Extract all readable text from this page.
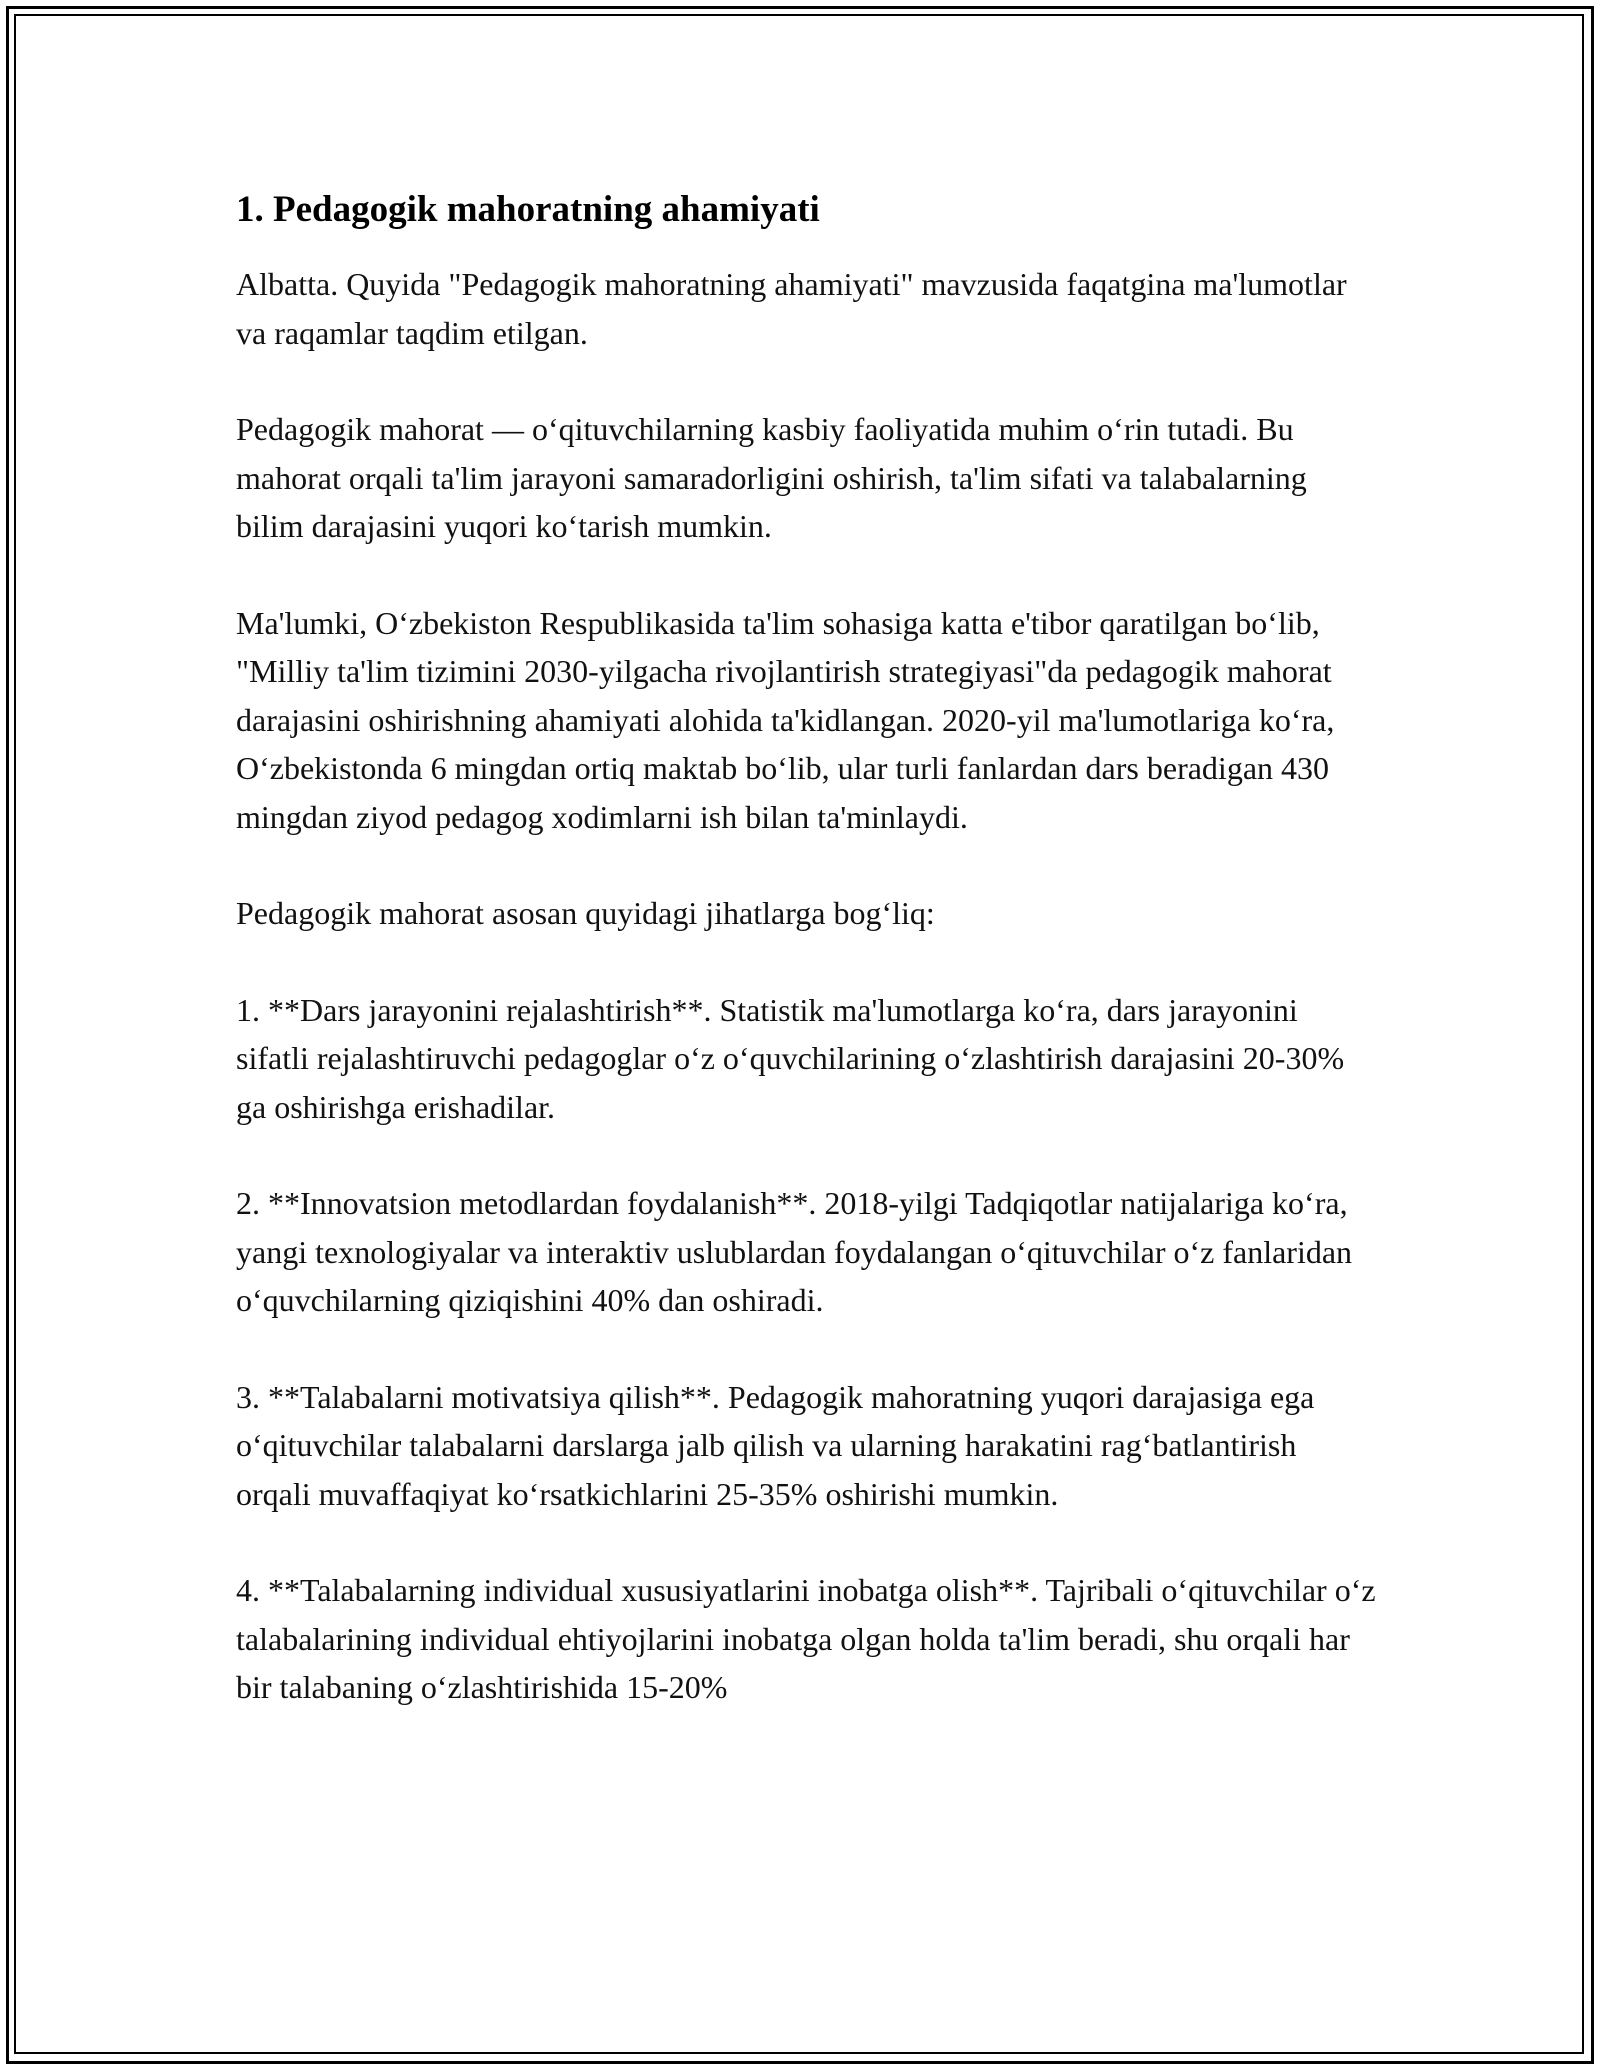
1. Pedagogik mahoratning ahamiyati

Albatta. Quyida "Pedagogik mahoratning ahamiyati" mavzusida faqatgina ma'lumotlar va raqamlar taqdim etilgan.

Pedagogik mahorat — o‘qituvchilarning kasbiy faoliyatida muhim o‘rin tutadi. Bu mahorat orqali ta'lim jarayoni samaradorligini oshirish, ta'lim sifati va talabalarning bilim darajasini yuqori ko‘tarish mumkin.

Ma'lumki, O‘zbekiston Respublikasida ta'lim sohasiga katta e'tibor qaratilgan bo‘lib, "Milliy ta'lim tizimini 2030-yilgacha rivojlantirish strategiyasi"da pedagogik mahorat darajasini oshirishning ahamiyati alohida ta'kidlangan. 2020-yil ma'lumotlariga ko‘ra, O‘zbekistonda 6 mingdan ortiq maktab bo‘lib, ular turli fanlardan dars beradigan 430 mingdan ziyod pedagog xodimlarni ish bilan ta'minlaydi.

Pedagogik mahorat asosan quyidagi jihatlarga bog‘liq:

1. **Dars jarayonini rejalashtirish**. Statistik ma'lumotlarga ko‘ra, dars jarayonini sifatli rejalashtiruvchi pedagoglar o‘z o‘quvchilarining o‘zlashtirish darajasini 20-30% ga oshirishga erishadilar.

2. **Innovatsion metodlardan foydalanish**. 2018-yilgi Tadqiqotlar natijalariga ko‘ra, yangi texnologiyalar va interaktiv uslublardan foydalangan o‘qituvchilar o‘z fanlaridan o‘quvchilarning qiziqishini 40% dan oshiradi.

3. **Talabalarni motivatsiya qilish**. Pedagogik mahoratning yuqori darajasiga ega o‘qituvchilar talabalarni darslarga jalb qilish va ularning harakatini rag‘batlantirish orqali muvaffaqiyat ko‘rsatkichlarini 25-35% oshirishi mumkin.

4. **Talabalarning individual xususiyatlarini inobatga olish**. Tajribali o‘qituvchilar o‘z talabalarining individual ehtiyojlarini inobatga olgan holda ta'lim beradi, shu orqali har bir talabaning o‘zlashtirishida 15-20%
